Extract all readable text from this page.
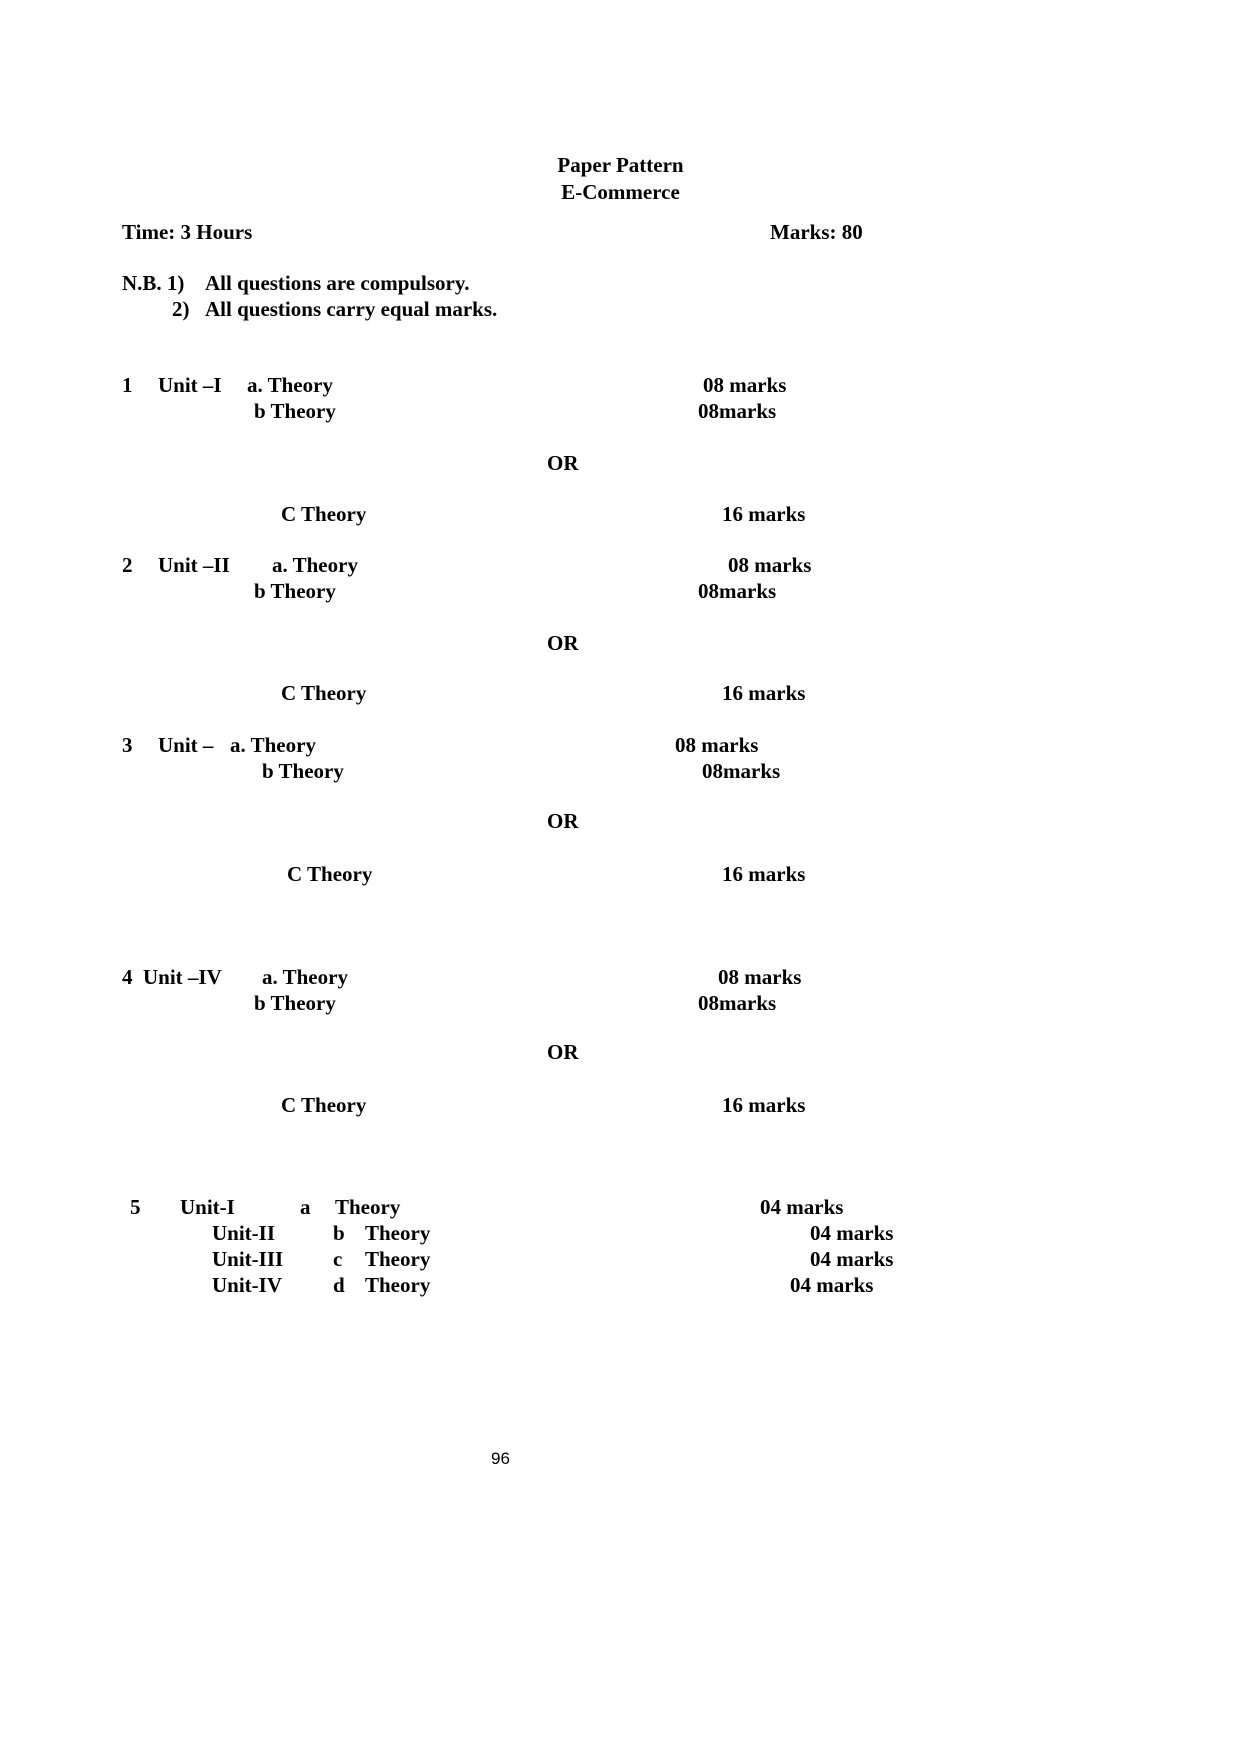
Paper Pattern
E-Commerce
Time: 3 Hours	Marks: 80
N.B. 1) All questions are compulsory.
2) All questions carry equal marks.
1 Unit –I a. Theory	08 marks
b Theory	08marks
OR
C Theory	16 marks
2 Unit –II a. Theory	08 marks
b Theory	08marks
OR
C Theory	16 marks
3 Unit – a. Theory	08 marks
b Theory	08marks
OR
C Theory	16 marks
4 Unit –IV a. Theory	08 marks
b Theory	08marks
OR
C Theory	16 marks
5 Unit-I	a Theory	04 marks
Unit-II	b Theory	04 marks
Unit-III c Theory	04 marks
Unit-IV d Theory	04 marks
96
